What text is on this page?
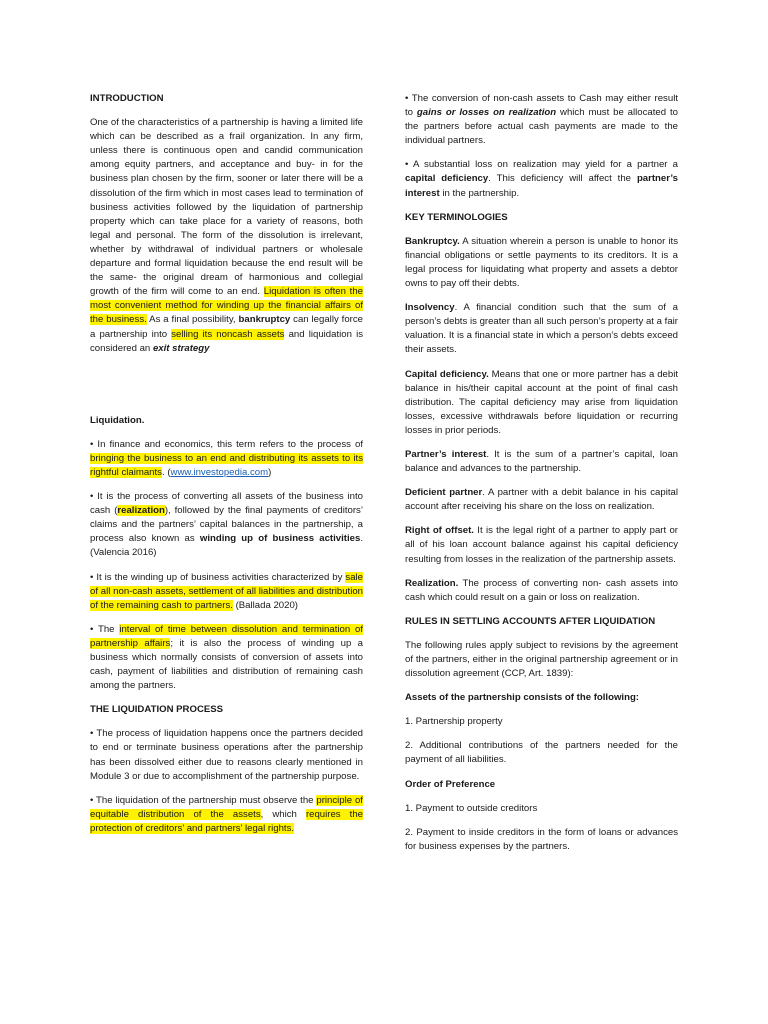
INTRODUCTION

One of the characteristics of a partnership is having a limited life which can be described as a frail organization. In any firm, unless there is continuous open and candid communication among equity partners, and acceptance and buy- in for the business plan chosen by the firm, sooner or later there will be a dissolution of the firm which in most cases lead to termination of business activities followed by the liquidation of partnership property which can take place for a variety of reasons, both legal and personal. The form of the dissolution is irrelevant, whether by withdrawal of individual partners or wholesale departure and formal liquidation because the end result will be the same- the original dream of harmonious and collegial growth of the firm will come to an end. Liquidation is often the most convenient method for winding up the financial affairs of the business. As a final possibility, bankruptcy can legally force a partnership into selling its noncash assets and liquidation is considered an exit strategy

Liquidation.

• In finance and economics, this term refers to the process of bringing the business to an end and distributing its assets to its rightful claimants. (www.investopedia.com)

• It is the process of converting all assets of the business into cash (realization), followed by the final payments of creditors’ claims and the partners’ capital balances in the partnership, a process also known as winding up of business activities. (Valencia 2016)

• It is the winding up of business activities characterized by sale of all non-cash assets, settlement of all liabilities and distribution of the remaining cash to partners. (Ballada 2020)

• The interval of time between dissolution and termination of partnership affairs; it is also the process of winding up a business which normally consists of conversion of assets into cash, payment of liabilities and distribution of remaining cash among the partners.

THE LIQUIDATION PROCESS

• The process of liquidation happens once the partners decided to end or terminate business operations after the partnership has been dissolved either due to reasons clearly mentioned in Module 3 or due to accomplishment of the partnership purpose.

• The liquidation of the partnership must observe the principle of equitable distribution of the assets, which requires the protection of creditors’ and partners’ legal rights.

• The conversion of non-cash assets to Cash may either result to gains or losses on realization which must be allocated to the partners before actual cash payments are made to the individual partners.

• A substantial loss on realization may yield for a partner a capital deficiency. This deficiency will affect the partner’s interest in the partnership.

KEY TERMINOLOGIES

Bankruptcy. A situation wherein a person is unable to honor its financial obligations or settle payments to its creditors. It is a legal process for liquidating what property and assets a debtor owns to pay off their debts.

Insolvency. A financial condition such that the sum of a person’s debts is greater than all such person’s property at a fair valuation. It is a financial state in which a person’s debts exceed their assets.

Capital deficiency. Means that one or more partner has a debit balance in his/their capital account at the point of final cash distribution. The capital deficiency may arise from liquidation losses, excessive withdrawals before liquidation or recurring losses in prior periods.

Partner’s interest. It is the sum of a partner’s capital, loan balance and advances to the partnership.

Deficient partner. A partner with a debit balance in his capital account after receiving his share on the loss on realization.

Right of offset. It is the legal right of a partner to apply part or all of his loan account balance against his capital deficiency resulting from losses in the realization of the partnership assets.

Realization. The process of converting non- cash assets into cash which could result on a gain or loss on realization.

RULES IN SETTLING ACCOUNTS AFTER LIQUIDATION

The following rules apply subject to revisions by the agreement of the partners, either in the original partnership agreement or in dissolution agreement (CCP, Art. 1839):

Assets of the partnership consists of the following:

1. Partnership property

2. Additional contributions of the partners needed for the payment of all liabilities.

Order of Preference

1. Payment to outside creditors

2. Payment to inside creditors in the form of loans or advances for business expenses by the partners.
